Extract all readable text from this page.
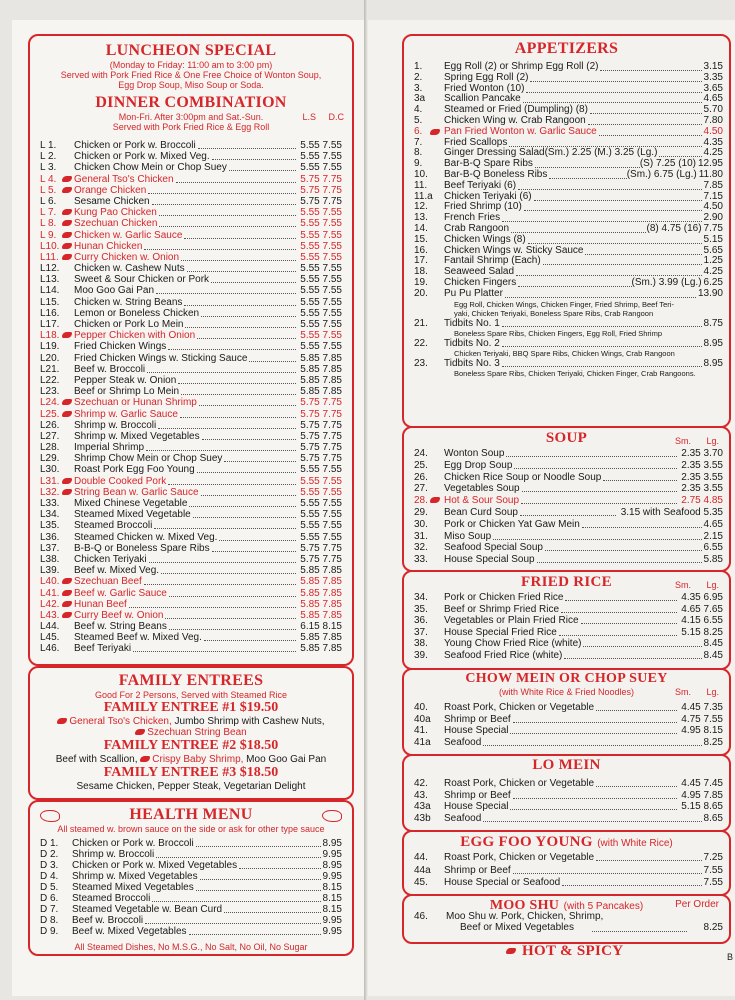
LUNCHEON SPECIAL
(Monday to Friday: 11:00 am to 3:00 pm)
Served with Pork Fried Rice & One Free Choice of Wonton Soup,
Egg Drop Soup, Miso Soup or Soda.
DINNER COMBINATION
Mon-Fri. After 3:00pm and Sat.-Sun.
Served with Pork Fried Rice & Egg Roll
L.S D.C
L 1. Chicken or Pork w. Broccoli	5.55 7.55
L 2. Chicken or Pork w. Mixed Veg.	5.55 7.55
L 3. Chicken Chow Mein or Chop Suey	5.55 7.55
L 4. General Tso's Chicken	5.75 7.75
L 5. Orange Chicken	5.75 7.75
L 6. Sesame Chicken	5.75 7.75
L 7. Kung Pao Chicken	5.55 7.55
L 8. Szechuan Chicken	5.55 7.55
L 9. Chicken w. Garlic Sauce	5.55 7.55
L10. Hunan Chicken	5.55 7.55
L11. Curry Chicken w. Onion	5.55 7.55
L12. Chicken w. Cashew Nuts	5.55 7.55
L13. Sweet & Sour Chicken or Pork	5.55 7.55
L14. Moo Goo Gai Pan	5.55 7.55
L15. Chicken w. String Beans	5.55 7.55
L16. Lemon or Boneless Chicken	5.55 7.55
L17. Chicken or Pork Lo Mein	5.55 7.55
L18. Pepper Chicken with Onion	5.55 7.55
L19. Fried Chicken Wings	5.55 7.55
L20. Fried Chicken Wings w. Sticking Sauce	5.85 7.85
L21. Beef w. Broccoli	5.85 7.85
L22. Pepper Steak w. Onion	5.85 7.85
L23. Beef or Shrimp Lo Mein	5.85 7.85
L24. Szechuan or Hunan Shrimp	5.75 7.75
L25. Shrimp w. Garlic Sauce	5.75 7.75
L26. Shrimp w. Broccoli	5.75 7.75
L27. Shrimp w. Mixed Vegetables	5.75 7.75
L28. Imperial Shrimp	5.75 7.75
L29. Shrimp Chow Mein or Chop Suey	5.75 7.75
L30. Roast Pork Egg Foo Young	5.55 7.55
L31. Double Cooked Pork	5.55 7.55
L32. String Bean w. Garlic Sauce	5.55 7.55
L33. Mixed Chinese Vegetable	5.55 7.55
L34. Steamed Mixed Vegetable	5.55 7.55
L35. Steamed Broccoli	5.55 7.55
L36. Steamed Chicken w. Mixed Veg.	5.55 7.55
L37. B-B-Q or Boneless Spare Ribs	5.75 7.75
L38. Chicken Teriyaki	5.75 7.75
L39. Beef w. Mixed Veg.	5.85 7.85
L40. Szechuan Beef	5.85 7.85
L41. Beef w. Garlic Sauce	5.85 7.85
L42. Hunan Beef	5.85 7.85
L43. Curry Beef w. Onion	5.85 7.85
L44. Beef w. String Beans	6.15 8.15
L45. Steamed Beef w. Mixed Veg.	5.85 7.85
L46. Beef Teriyaki	5.85 7.85
FAMILY ENTREES
Good For 2 Persons, Served with Steamed Rice
FAMILY ENTREE #1 $19.50
General Tso's Chicken, Jumbo Shrimp with Cashew Nuts,
Szechuan String Bean
FAMILY ENTREE #2 $18.50
Beef with Scallion, Crispy Baby Shrimp, Moo Goo Gai Pan
FAMILY ENTREE #3 $18.50
Sesame Chicken, Pepper Steak, Vegetarian Delight
HEALTH MENU
All steamed w. brown sauce on the side or ask for other type sauce
D 1. Chicken or Pork w. Broccoli	8.95
D 2. Shrimp w. Broccoli	9.95
D 3. Chicken or Pork w. Mixed Vegetables	8.95
D 4. Shrimp w. Mixed Vegetables	9.95
D 5. Steamed Mixed Vegetables	8.15
D 6. Steamed Broccoli	8.15
D 7. Steamed Vegetable w. Bean Curd	8.15
D 8. Beef w. Broccoli	9.95
D 9. Beef w. Mixed Vegetables	9.95
All Steamed Dishes, No M.S.G., No Salt, No Oil, No Sugar
APPETIZERS
1. Egg Roll (2) or Shrimp Egg Roll (2)	3.15
2. Spring Egg Roll (2)	3.35
3. Fried Wonton (10)	3.65
3a Scallion Pancake	4.65
4. Steamed or Fried (Dumpling) (8)	5.70
5. Chicken Wing w. Crab Rangoon	7.80
6. Pan Fried Wonton w. Garlic Sauce	4.50
7. Fried Scallops	4.35
8. Ginger Dressing Salad(Sm.) 2.25 (M.) 3.25 (Lg.)	4.25
9. Bar-B-Q Spare Ribs	12.95
(S) 7.25 (10)
10. Bar-B-Q Boneless Ribs	11.80
(Sm.) 6.75 (Lg.)
11. Beef Teriyaki (6)	7.85
11.a Chicken Teriyaki (6)	7.15
12. Fried Shrimp (10)	4.50
13. French Fries	2.90
14. Crab Rangoon	7.75
(8) 4.75 (16)
15. Chicken Wings (8)	5.15
16. Chicken Wings w. Sticky Sauce	5.65
17. Fantail Shrimp (Each)	1.25
18. Seaweed Salad	4.25
19. Chicken Fingers	6.25
(Sm.) 3.99 (Lg.)
20. Pu Pu Platter	13.90
Egg Roll, Chicken Wings, Chicken Finger, Fried Shrimp, Beef Teri-
yaki, Chicken Teriyaki, Boneless Spare Ribs, Crab Rangoon
21. Tidbits No. 1	8.75
Boneless Spare Ribs, Chicken Fingers, Egg Roll, Fried Shrimp
22. Tidbits No. 2	8.95
Chicken Teriyaki, BBQ Spare Ribs, Chicken Wings, Crab Rangoon
23. Tidbits No. 3	8.95
Boneless Spare Ribs, Chicken Teriyaki, Chicken Finger, Crab Rangoons.
SOUP	Sm. Lg.
24. Wonton Soup	2.35 3.70
25. Egg Drop Soup	2.35 3.55
26. Chicken Rice Soup or Noodle Soup	2.35 3.55
27. Vegetables Soup	2.35 3.55
28. Hot & Sour Soup	2.75 4.85
29. Bean Curd Soup	3.15 with Seafood 5.35
30. Pork or Chicken Yat Gaw Mein	4.65
31. Miso Soup	2.15
32. Seafood Special Soup	6.55
33. House Special Soup	5.85
FRIED RICE	Sm. Lg.
34. Pork or Chicken Fried Rice	4.35 6.95
35. Beef or Shrimp Fried Rice	4.65 7.65
36. Vegetables or Plain Fried Rice	4.15 6.55
37. House Special Fried Rice	5.15 8.25
38. Young Chow Fried Rice (white)	8.45
39. Seafood Fried Rice (white)	8.45
CHOW MEIN OR CHOP SUEY
(with White Rice & Fried Noodles)	Sm. Lg.
40. Roast Pork, Chicken or Vegetable	4.45 7.35
40a Shrimp or Beef	4.75 7.55
41. House Special	4.95 8.15
41a Seafood	8.25
LO MEIN
42. Roast Pork, Chicken or Vegetable	4.45 7.45
43. Shrimp or Beef	4.95 7.85
43a House Special	5.15 8.65
43b Seafood	8.65
EGG FOO YOUNG (with White Rice)
44. Roast Pork, Chicken or Vegetable	7.25
44a Shrimp or Beef	7.55
45. House Special or Seafood	7.55
MOO SHU (with 5 Pancakes)	Per Order
46. Moo Shu w. Pork, Chicken, Shrimp,
Beef or Mixed Vegetables	8.25
HOT & SPICY	B
